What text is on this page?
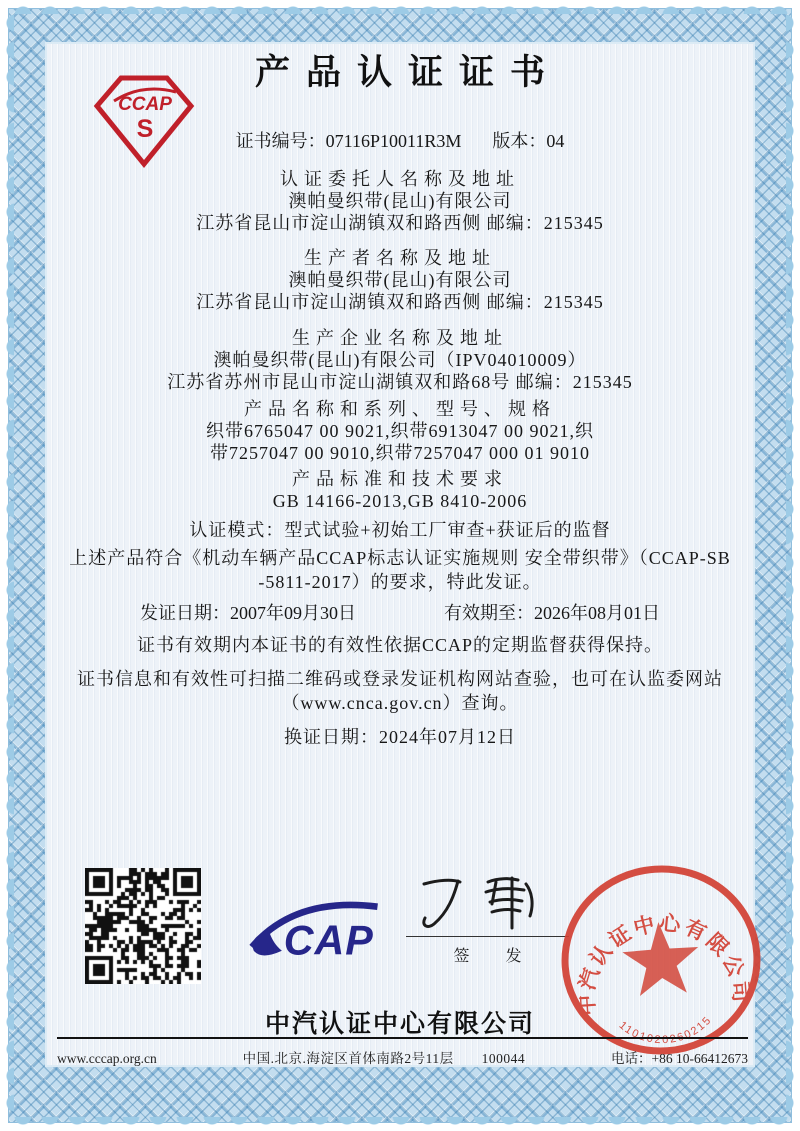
CCAP
S
产品认证证书
证书编号：07116P10011R3M 版本：04
认证委托人名称及地址
澳帕曼织带(昆山)有限公司
江苏省昆山市淀山湖镇双和路西侧 邮编：215345
生产者名称及地址
澳帕曼织带(昆山)有限公司
江苏省昆山市淀山湖镇双和路西侧 邮编：215345
生产企业名称及地址
澳帕曼织带(昆山)有限公司（IPV04010009）
江苏省苏州市昆山市淀山湖镇双和路68号 邮编：215345
产品名称和系列、型号、规格
织带6765047 00 9021,织带6913047 00 9021,织
带7257047 00 9010,织带7257047 000 01 9010
产品标准和技术要求
GB 14166-2013,GB 8410-2006
认证模式：型式试验+初始工厂审查+获证后的监督
上述产品符合《机动车辆产品CCAP标志认证实施规则 安全带织带》（CCAP-SB
-5811-2017）的要求，特此发证。
发证日期：2007年09月30日	有效期至：2026年08月01日
证书有效期内本证书的有效性依据CCAP的定期监督获得保持。
证书信息和有效性可扫描二维码或登录发证机构网站查验，也可在认监委网站
（www.cnca.gov.cn）查询。
换证日期：2024年07月12日
CAP	签 发
中汽认证中心有限公司
1101020260215
中汽认证中心有限公司
www.cccap.org.cn	中国.北京.海淀区首体南路2号11层 100044	电话：+86 10-66412673
